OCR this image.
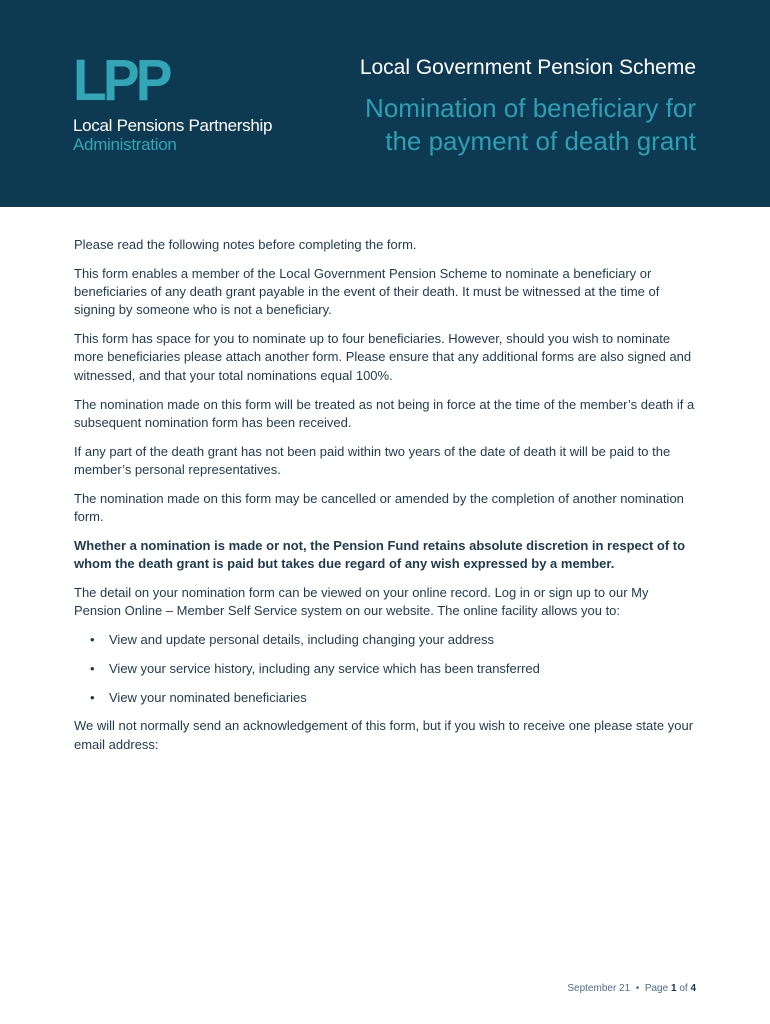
LPP
Local Pensions Partnership
Administration
Local Government Pension Scheme
Nomination of beneficiary for
the payment of death grant

Please read the following notes before completing the form.

This form enables a member of the Local Government Pension Scheme to nominate a beneficiary or beneficiaries of any death grant payable in the event of their death. It must be witnessed at the time of signing by someone who is not a beneficiary.

This form has space for you to nominate up to four beneficiaries. However, should you wish to nominate more beneficiaries please attach another form. Please ensure that any additional forms are also signed and witnessed, and that your total nominations equal 100%.

The nomination made on this form will be treated as not being in force at the time of the member’s death if a subsequent nomination form has been received.

If any part of the death grant has not been paid within two years of the date of death it will be paid to the member’s personal representatives.

The nomination made on this form may be cancelled or amended by the completion of another nomination form.

Whether a nomination is made or not, the Pension Fund retains absolute discretion in respect of to whom the death grant is paid but takes due regard of any wish expressed by a member.

The detail on your nomination form can be viewed on your online record. Log in or sign up to our My Pension Online – Member Self Service system on our website. The online facility allows you to:

• View and update personal details, including changing your address
• View your service history, including any service which has been transferred
• View your nominated beneficiaries

We will not normally send an acknowledgement of this form, but if you wish to receive one please state your email address:

September 21 • Page 1 of 4
